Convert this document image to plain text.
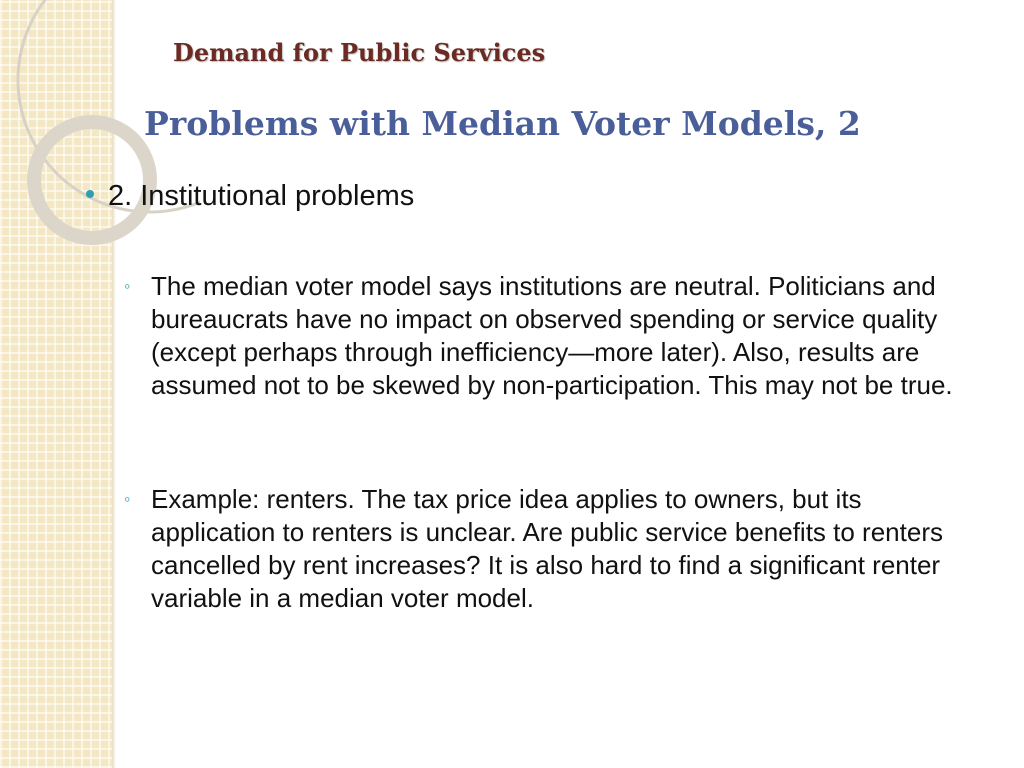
Demand for Public Services
Problems with Median Voter Models, 2
2. Institutional problems
◦ The median voter model says institutions are neutral. Politicians and bureaucrats have no impact on observed spending or service quality (except perhaps through inefficiency—more later). Also, results are assumed not to be skewed by non-participation. This may not be true.
◦ Example: renters. The tax price idea applies to owners, but its application to renters is unclear. Are public service benefits to renters cancelled by rent increases? It is also hard to find a significant renter variable in a median voter model.
